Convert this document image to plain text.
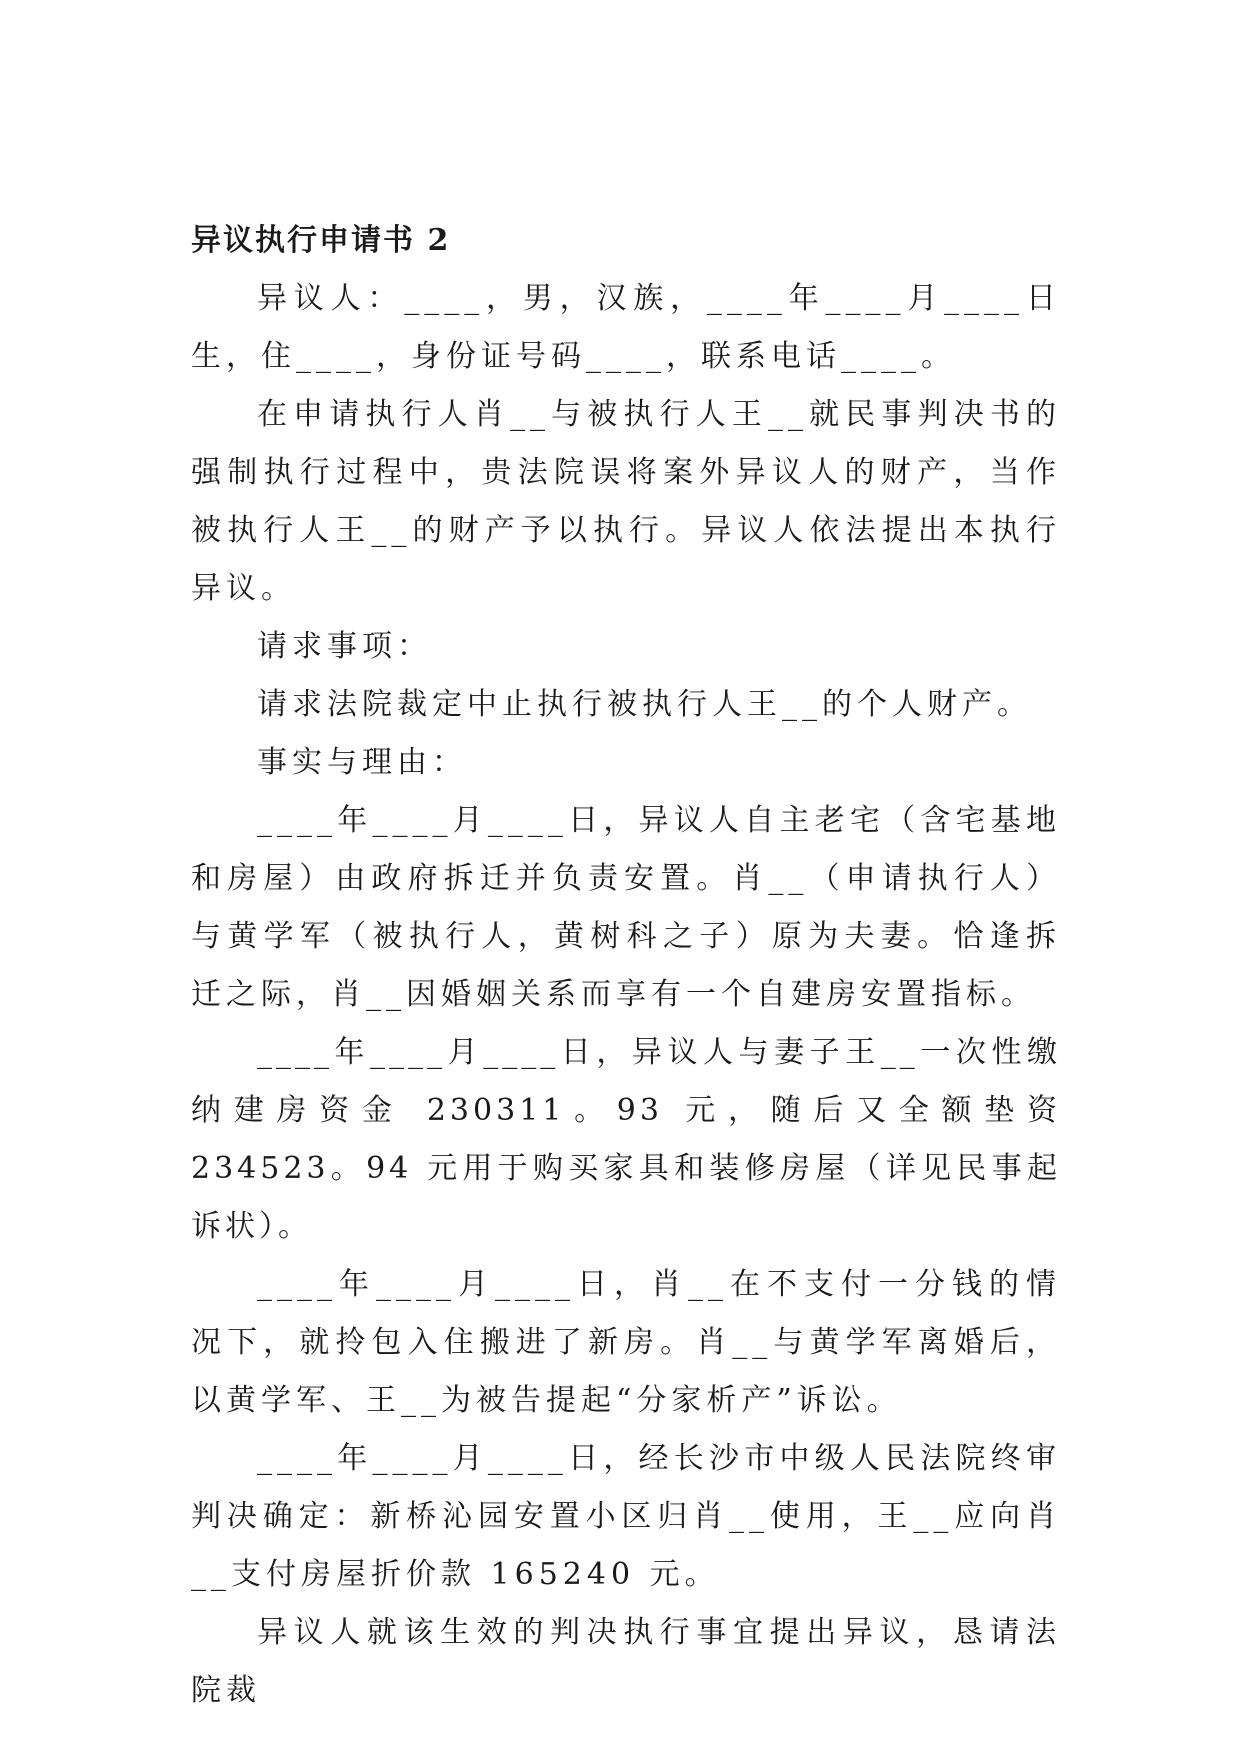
异议执行申请书 2

异议人：____，男，汉族，____年____月____日生，住____，身份证号码____，联系电话____。

在申请执行人肖__与被执行人王__就民事判决书的强制执行过程中，贵法院误将案外异议人的财产，当作被执行人王__的财产予以执行。异议人依法提出本执行异议。

请求事项：

请求法院裁定中止执行被执行人王__的个人财产。

事实与理由：

____年____月____日，异议人自主老宅（含宅基地和房屋）由政府拆迁并负责安置。肖__（申请执行人）与黄学军（被执行人，黄树科之子）原为夫妻。恰逢拆迁之际，肖__因婚姻关系而享有一个自建房安置指标。

____年____月____日，异议人与妻子王__一次性缴纳建房资金 230311。93 元，随后又全额垫资 234523。94 元用于购买家具和装修房屋（详见民事起诉状）。

____年____月____日，肖__在不支付一分钱的情况下，就拎包入住搬进了新房。肖__与黄学军离婚后，以黄学军、王__为被告提起“分家析产”诉讼。

____年____月____日，经长沙市中级人民法院终审判决确定：新桥沁园安置小区归肖__使用，王__应向肖__支付房屋折价款 165240 元。

异议人就该生效的判决执行事宜提出异议，恳请法院裁
